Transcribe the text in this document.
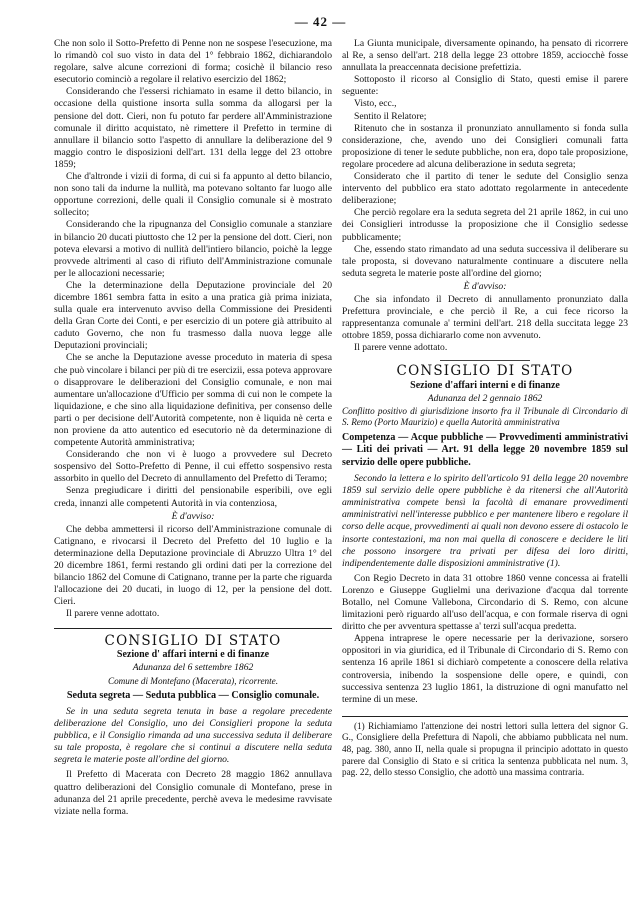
— 42 —

Che non solo il Sotto-Prefetto di Penne non ne sospese l'esecuzione, ma lo rimandò col suo visto in data del 1° febbraio 1862, dichiarandolo regolare, salve alcune correzioni di forma; cosichè il bilancio reso esecutorio cominciò a regolare il relativo esercizio del 1862;

Considerando che l'essersi richiamato in esame il detto bilancio, in occasione della quistione insorta sulla somma da allogarsi per la pensione del dott. Cieri, non fu potuto far perdere all'Amministrazione comunale il diritto acquistato, nè rimettere il Prefetto in termine di annullare il bilancio sotto l'aspetto di annullare la deliberazione del 9 maggio contro le disposizioni dell'art. 131 della legge del 23 ottobre 1859;

Che d'altronde i vizii di forma, di cui si fa appunto al detto bilancio, non sono tali da indurne la nullità, ma potevano soltanto far luogo alle opportune correzioni, delle quali il Consiglio comunale si è mostrato sollecito;

Considerando che la ripugnanza del Consiglio comunale a stanziare in bilancio 20 ducati piuttosto che 12 per la pensione del dott. Cieri, non poteva elevarsi a motivo di nullità dell'intiero bilancio, poichè la legge provvede altrimenti al caso di rifiuto dell'Amministrazione comunale per le allocazioni necessarie;

Che la determinazione della Deputazione provinciale del 20 dicembre 1861 sembra fatta in esito a una pratica già prima iniziata, sulla quale era intervenuto avviso della Commissione dei Presidenti della Gran Corte dei Conti, e per esercizio di un potere già attribuito al caduto Governo, che non fu trasmesso dalla nuova legge alle Deputazioni provinciali;

Che se anche la Deputazione avesse proceduto in materia di spesa che può vincolare i bilanci per più di tre esercizii, essa poteva approvare o disapprovare le deliberazioni del Consiglio comunale, e non mai aumentare un'allocazione d'Ufficio per somma di cui non le compete la liquidazione, e che sino alla liquidazione definitiva, per consenso delle parti o per decisione dell'Autorità competente, non è liquida nè certa e non proviene da atto autentico ed esecutorio nè da determinazione di competente Autorità amministrativa;

Considerando che non vi è luogo a provvedere sul Decreto sospensivo del Sotto-Prefetto di Penne, il cui effetto sospensivo resta assorbito in quello del Decreto di annullamento del Prefetto di Teramo;

Senza pregiudicare i diritti del pensionabile esperibili, ove egli creda, innanzi alle competenti Autorità in via contenziosa,

È d'avviso:

Che debba ammettersi il ricorso dell'Amministrazione comunale di Catignano, e rivocarsi il Decreto del Prefetto del 10 luglio e la determinazione della Deputazione provinciale di Abruzzo Ultra 1° del 20 dicembre 1861, fermi restando gli ordini dati per la correzione del bilancio 1862 del Comune di Catignano, tranne per la parte che riguarda l'allocazione dei 20 ducati, in luogo di 12, per la pensione del dott. Cieri.

Il parere venne adottato.

CONSIGLIO DI STATO
Sezione d' affari interni e di finanze
Adunanza del 6 settembre 1862
Comune di Montefano (Macerata), ricorrente.
Seduta segreta — Seduta pubblica — Consiglio comunale.

Se in una seduta segreta tenuta in base a regolare precedente deliberazione del Consiglio, uno dei Consiglieri propone la seduta pubblica, e il Consiglio rimanda ad una successiva seduta il deliberare su tale proposta, è regolare che si continui a discutere nella seduta segreta le materie poste all'ordine del giorno.

Il Prefetto di Macerata con Decreto 28 maggio 1862 annullava quattro deliberazioni del Consiglio comunale di Montefano, prese in adunanza del 21 aprile precedente, perchè aveva le medesime ravvisate viziate nella forma.

La Giunta municipale, diversamente opinando, ha pensato di ricorrere al Re, a senso dell'art. 218 della legge 23 ottobre 1859, acciocchè fosse annullata la preaccennata decisione prefettizia.

Sottoposto il ricorso al Consiglio di Stato, questi emise il parere seguente:

Visto, ecc.,

Sentito il Relatore;

Ritenuto che in sostanza il pronunziato annullamento si fonda sulla considerazione, che, avendo uno dei Consiglieri comunali fatta proposizione di tener le sedute pubbliche, non era, dopo tale proposizione, regolare procedere ad alcuna deliberazione in seduta segreta;

Considerato che il partito di tener le sedute del Consiglio senza intervento del pubblico era stato adottato regolarmente in antecedente deliberazione;

Che perciò regolare era la seduta segreta del 21 aprile 1862, in cui uno dei Consiglieri introdusse la proposizione che il Consiglio sedesse pubblicamente;

Che, essendo stato rimandato ad una seduta successiva il deliberare su tale proposta, si dovevano naturalmente continuare a discutere nella seduta segreta le materie poste all'ordine del giorno;

È d'avviso:

Che sia infondato il Decreto di annullamento pronunziato dalla Prefettura provinciale, e che perciò il Re, a cui fece ricorso la rappresentanza comunale a' termini dell'art. 218 della succitata legge 23 ottobre 1859, possa dichiararlo come non avvenuto.

Il parere venne adottato.

CONSIGLIO DI STATO
Sezione d'affari interni e di finanze
Adunanza del 2 gennaio 1862
Conflitto positivo di giurisdizione insorto fra il Tribunale di Circondario di S. Remo (Porto Maurizio) e quella Autorità amministrativa
Competenza — Acque pubbliche — Provvedimenti amministrativi — Liti dei privati — Art. 91 della legge 20 novembre 1859 sul servizio delle opere pubbliche.

Secondo la lettera e lo spirito dell'articolo 91 della legge 20 novembre 1859 sul servizio delle opere pubbliche è da ritenersi che all'Autorità amministrativa compete bensì la facoltà di emanare provvedimenti amministrativi nell'interesse pubblico e per mantenere libero e regolare il corso delle acque, provvedimenti ai quali non devono essere di ostacolo le insorte contestazioni, ma non mai quella di conoscere e decidere le liti che possono insorgere tra privati per difesa dei loro diritti, indipendentemente dalle disposizioni amministrative (1).

Con Regio Decreto in data 31 ottobre 1860 venne concessa ai fratelli Lorenzo e Giuseppe Guglielmi una derivazione d'acqua dal torrente Botallo, nel Comune Vallebona, Circondario di S. Remo, con alcune limitazioni però riguardo all'uso dell'acqua, e con formale riserva di ogni diritto che per avventura spettasse a' terzi sull'acqua predetta.

Appena intraprese le opere necessarie per la derivazione, sorsero oppositori in via giuridica, ed il Tribunale di Circondario di S. Remo con sentenza 16 aprile 1861 si dichiarò competente a conoscere della relativa controversia, inibendo la sospensione delle opere, e quindi, con successiva sentenza 23 luglio 1861, la distruzione di ogni manufatto nel termine di un mese.

(1) Richiamiamo l'attenzione dei nostri lettori sulla lettera del signor G. G., Consigliere della Prefettura di Napoli, che abbiamo pubblicata nel num. 48, pag. 380, anno II, nella quale si propugna il principio adottato in questo parere dal Consiglio di Stato e si critica la sentenza pubblicata nel num. 3, pag. 22, dello stesso Consiglio, che adottò una massima contraria.
